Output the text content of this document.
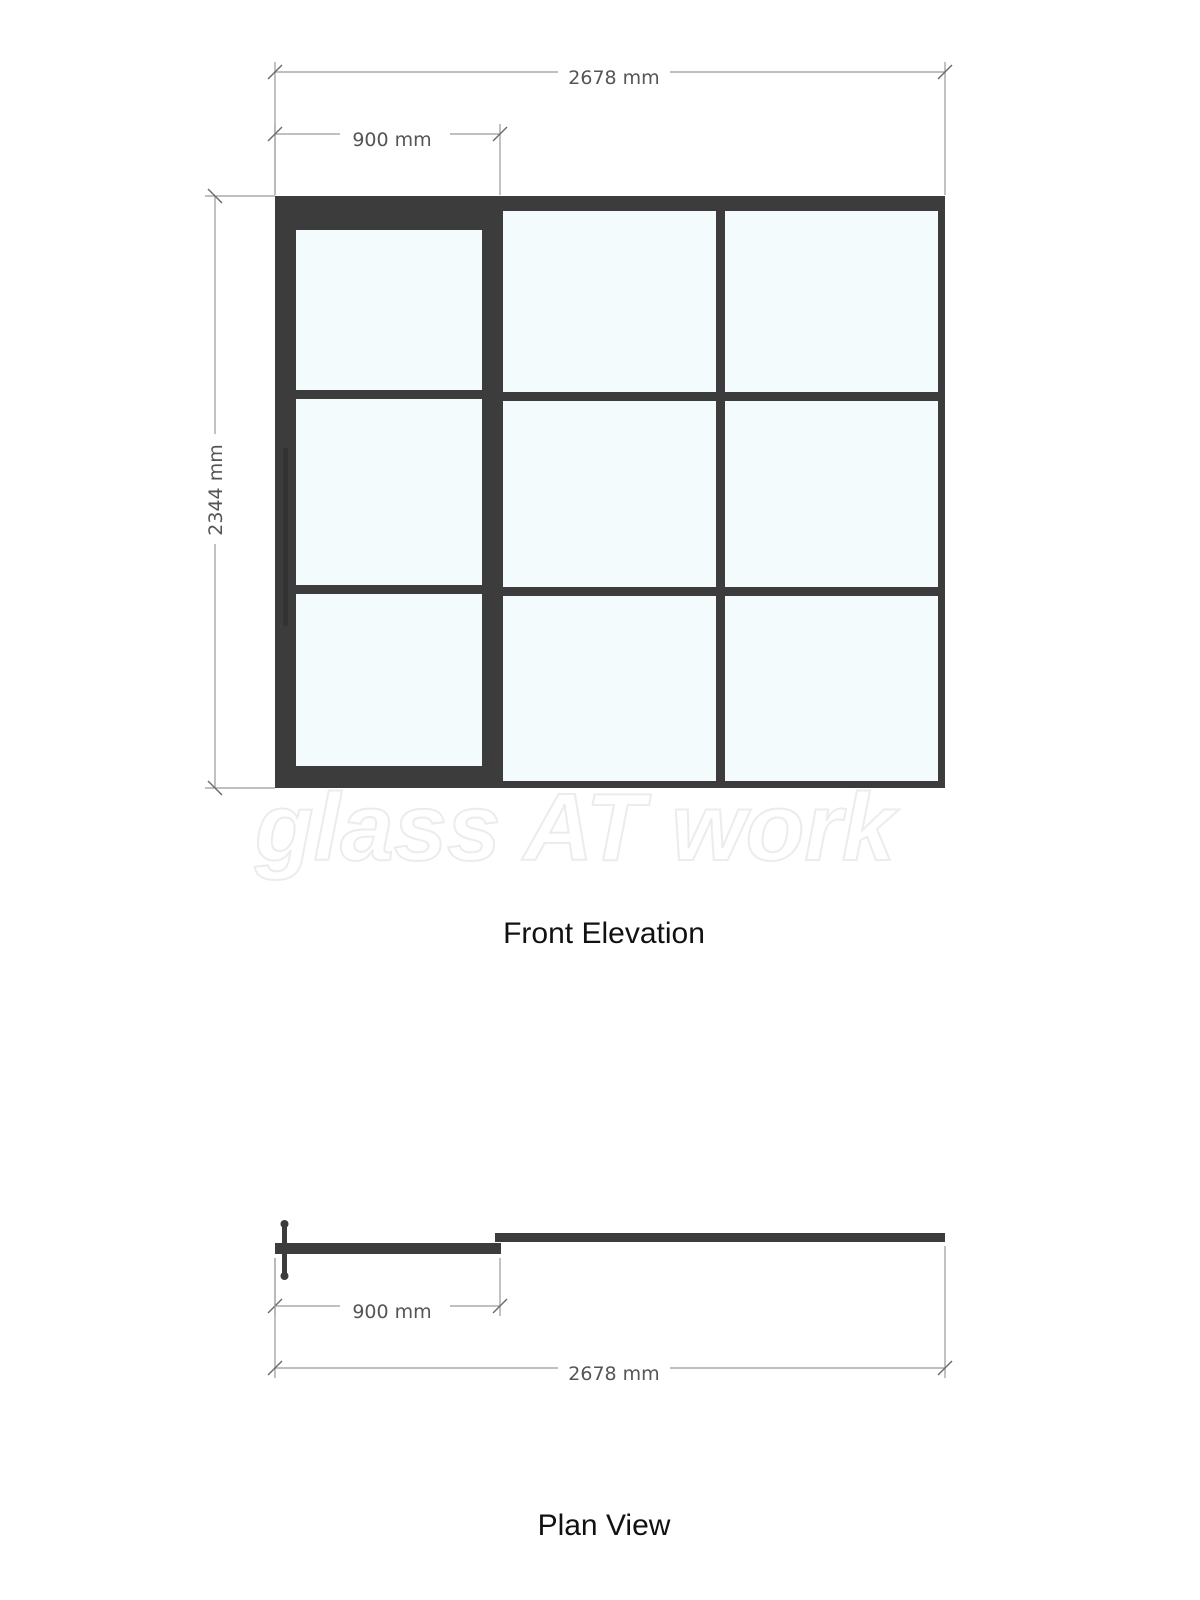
2678 mm
900 mm
2344 mm
glass AT work
Front Elevation
900 mm
2678 mm
Plan View
